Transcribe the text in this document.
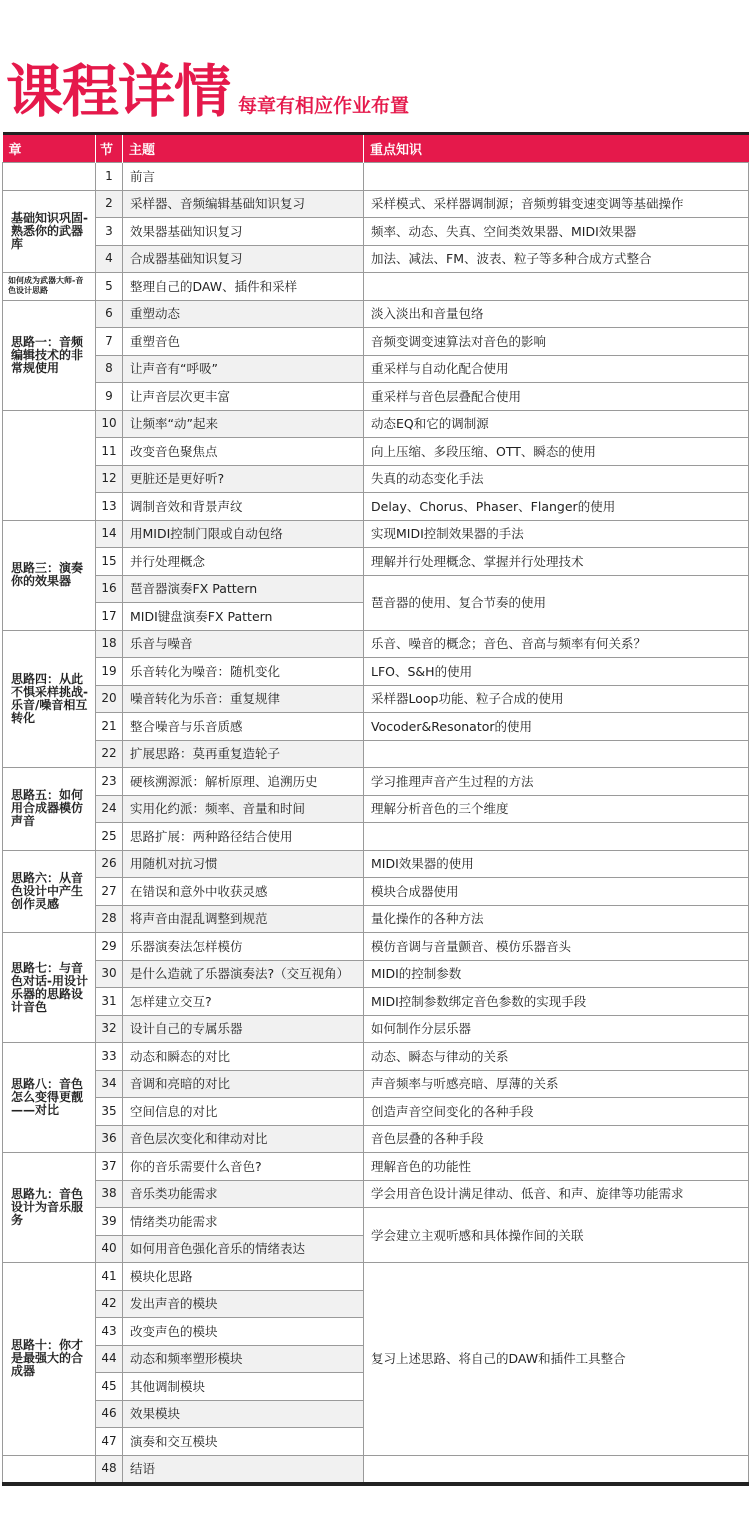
课程详情 每章有相应作业布置
章	节	主题	重点知识
	1	前言	
基础知识巩固-熟悉你的武器库	2	采样器、音频编辑基础知识复习	采样模式、采样器调制源；音频剪辑变速变调等基础操作
	3	效果器基础知识复习	频率、动态、失真、空间类效果器、MIDI效果器
	4	合成器基础知识复习	加法、减法、FM、波表、粒子等多种合成方式整合
如何成为武器大师-音色设计思路	5	整理自己的DAW、插件和采样	
思路一：音频编辑技术的非常规使用	6	重塑动态	淡入淡出和音量包络
	7	重塑音色	音频变调变速算法对音色的影响
	8	让声音有“呼吸”	重采样与自动化配合使用
	9	让声音层次更丰富	重采样与音色层叠配合使用
	10	让频率“动”起来	动态EQ和它的调制源
	11	改变音色聚焦点	向上压缩、多段压缩、OTT、瞬态的使用
	12	更脏还是更好听?	失真的动态变化手法
	13	调制音效和背景声纹	Delay、Chorus、Phaser、Flanger的使用
思路三：演奏你的效果器	14	用MIDI控制门限或自动包络	实现MIDI控制效果器的手法
	15	并行处理概念	理解并行处理概念、掌握并行处理技术
	16	琶音器演奏FX Pattern	琶音器的使用、复合节奏的使用
	17	MIDI键盘演奏FX Pattern	
思路四：从此不惧采样挑战-乐音/噪音相互转化	18	乐音与噪音	乐音、噪音的概念；音色、音高与频率有何关系？
	19	乐音转化为噪音：随机变化	LFO、S&H的使用
	20	噪音转化为乐音：重复规律	采样器Loop功能、粒子合成的使用
	21	整合噪音与乐音质感	Vocoder&Resonator的使用
	22	扩展思路：莫再重复造轮子	
思路五：如何用合成器模仿声音	23	硬核溯源派：解析原理、追溯历史	学习推理声音产生过程的方法
	24	实用化约派：频率、音量和时间	理解分析音色的三个维度
	25	思路扩展：两种路径结合使用	
思路六：从音色设计中产生创作灵感	26	用随机对抗习惯	MIDI效果器的使用
	27	在错误和意外中收获灵感	模块合成器使用
	28	将声音由混乱调整到规范	量化操作的各种方法
思路七：与音色对话-用设计乐器的思路设计音色	29	乐器演奏法怎样模仿	模仿音调与音量颤音、模仿乐器音头
	30	是什么造就了乐器演奏法?（交互视角）	MIDI的控制参数
	31	怎样建立交互?	MIDI控制参数绑定音色参数的实现手段
	32	设计自己的专属乐器	如何制作分层乐器
思路八：音色怎么变得更靓——对比	33	动态和瞬态的对比	动态、瞬态与律动的关系
	34	音调和亮暗的对比	声音频率与听感亮暗、厚薄的关系
	35	空间信息的对比	创造声音空间变化的各种手段
	36	音色层次变化和律动对比	音色层叠的各种手段
思路九：音色设计为音乐服务	37	你的音乐需要什么音色?	理解音色的功能性
	38	音乐类功能需求	学会用音色设计满足律动、低音、和声、旋律等功能需求
	39	情绪类功能需求	学会建立主观听感和具体操作间的关联
	40	如何用音色强化音乐的情绪表达	
思路十：你才是最强大的合成器	41	模块化思路	复习上述思路、将自己的DAW和插件工具整合
	42	发出声音的模块	
	43	改变声色的模块	
	44	动态和频率塑形模块	
	45	其他调制模块	
	46	效果模块	
	47	演奏和交互模块	
	48	结语	
